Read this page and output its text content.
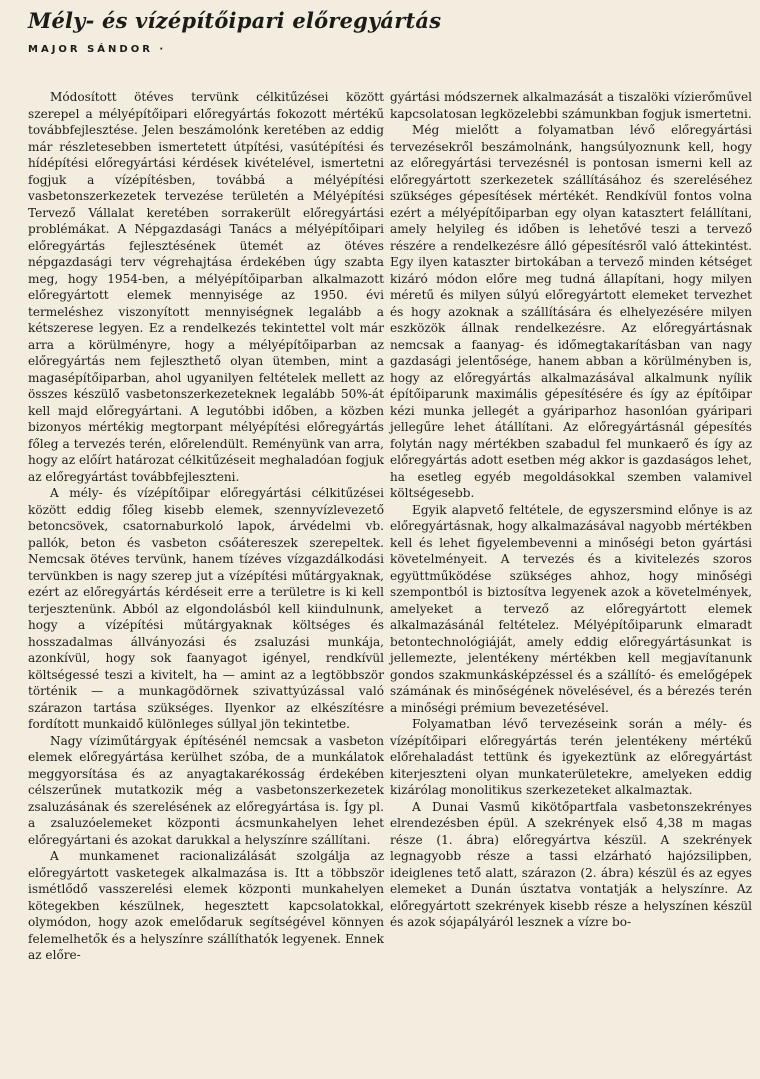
Mély- és vízépítőipari előregyártás
MAJOR SÁNDOR ·

Módosított ötéves tervünk célkitűzései között szerepel a mélyépítőipari előregyártás fokozott mértékű továbbfejlesztése. Jelen beszámolónk keretében az eddig már részletesebben ismertetett útpítési, vasútépítési és hídépítési előregyártási kérdések kivételével, ismertetni fogjuk a vízépítésben, továbbá a mélyépítési vasbetonszerkezetek tervezése területén a Mélyépítési Tervező Vállalat keretében sorrakerült előregyártási problémákat. A Népgazdasági Tanács a mélyépítőipari előregyártás fejlesztésének ütemét az ötéves népgazdasági terv végrehajtása érdekében úgy szabta meg, hogy 1954-ben, a mélyépítőiparban alkalmazott előregyártott elemek mennyisége az 1950. évi termeléshez viszonyított mennyiségnek legalább a kétszerese legyen. Ez a rendelkezés tekintettel volt már arra a körülményre, hogy a mélyépítőiparban az előregyártás nem fejleszthető olyan ütemben, mint a magasépítőiparban, ahol ugyanilyen feltételek mellett az összes készülő vasbetonszerkezeteknek legalább 50%-át kell majd előregyártani. A legutóbbi időben, a közben bizonyos mértékig megtorpant mélyépítési előregyártás főleg a tervezés terén, előrelendült. Reményünk van arra, hogy az előírt határozat célkitűzéseit meghaladóan fogjuk az előregyártást továbbfejleszteni.

A mély- és vízépítőipar előregyártási célkitűzései között eddig főleg kisebb elemek, szennyvízlevezető betoncsövek, csatornaburkoló lapok, árvédelmi vb. pallók, beton és vasbeton csőátereszek szerepeltek. Nemcsak ötéves tervünk, hanem tízéves vízgazdálkodási tervünkben is nagy szerep jut a vízépítési műtárgyaknak, ezért az előregyártás kérdéseit erre a területre is ki kell terjesztenünk. Abból az elgondolásból kell kiindulnunk, hogy a vízépítési műtárgyaknak költséges és hosszadalmas állványozási és zsaluzási munkája, azonkívül, hogy sok faanyagot igényel, rendkívül költségessé teszi a kivitelt, ha — amint az a legtöbbször történik — a munkagödörnek szivattyúzással való szárazon tartása szükséges. Ilyenkor az elkészítésre fordított munkaidő különleges súllyal jön tekintetbe.

Nagy víziműtárgyak építésénél nemcsak a vasbeton elemek előregyártása kerülhet szóba, de a munkálatok meggyorsítása és az anyagtakarékosság érdekében célszerűnek mutatkozik még a vasbetonszerkezetek zsaluzásának és szerelésének az előregyártása is. Így pl. a zsaluzóelemeket központi ácsmunkahelyen lehet előregyártani és azokat darukkal a helyszínre szállítani.

A munkamenet racionalizálását szolgálja az előregyártott vasketegek alkalmazása is. Itt a többször ismétlődő vasszerelési elemek központi munkahelyen kötegekben készülnek, hegesztett kapcsolatokkal, olymódon, hogy azok emelődaruk segítségével könnyen felemelhetők és a helyszínre szállíthatók legyenek. Ennek az előre-

gyártási módszernek alkalmazását a tiszalöki vízierőművel kapcsolatosan legközelebbi számunkban fogjuk ismertetni.

Még mielőtt a folyamatban lévő előregyártási tervezésekről beszámolnánk, hangsúlyoznunk kell, hogy az előregyártási tervezésnél is pontosan ismerni kell az előregyártott szerkezetek szállításához és szereléséhez szükséges gépesítések mértékét. Rendkívül fontos volna ezért a mélyépítőiparban egy olyan katasztert felállítani, amely helyileg és időben is lehetővé teszi a tervező részére a rendelkezésre álló gépesítésről való áttekintést. Egy ilyen kataszter birtokában a tervező minden kétséget kizáró módon előre meg tudná állapítani, hogy milyen méretű és milyen súlyú előregyártott elemeket tervezhet és hogy azoknak a szállítására és elhelyezésére milyen eszközök állnak rendelkezésre. Az előregyártásnak nemcsak a faanyag- és időmegtakarításban van nagy gazdasági jelentősége, hanem abban a körülményben is, hogy az előregyártás alkalmazásával alkalmunk nyílik építőiparunk maximális gépesítésére és így az építőipar kézi munka jellegét a gyáriparhoz hasonlóan gyáripari jellegűre lehet átállítani. Az előregyártásnál gépesítés folytán nagy mértékben szabadul fel munkaerő és így az előregyártás adott esetben még akkor is gazdaságos lehet, ha esetleg egyéb megoldásokkal szemben valamivel költségesebb.

Egyik alapvető feltétele, de egyszersmind előnye is az előregyártásnak, hogy alkalmazásával nagyobb mértékben kell és lehet figyelembevenni a minőségi beton gyártási követelményeit. A tervezés és a kivitelezés szoros együttműködése szükséges ahhoz, hogy minőségi szempontból is biztosítva legyenek azok a követelmények, amelyeket a tervező az előregyártott elemek alkalmazásánál feltételez. Mélyépítőiparunk elmaradt betontechnológiáját, amely eddig előregyártásunkat is jellemezte, jelentékeny mértékben kell megjavítanunk gondos szakmunkásképzéssel és a szállító- és emelőgépek számának és minőségének növelésével, és a bérezés terén a minőségi prémium bevezetésével.

Folyamatban lévő tervezéseink során a mély- és vízépítőipari előregyártás terén jelentékeny mértékű előrehaladást tettünk és igyekeztünk az előregyártást kiterjeszteni olyan munkaterületekre, amelyeken eddig kizárólag monolitikus szerkezeteket alkalmaztak.

A Dunai Vasmű kikötőpartfala vasbetonszekrényes elrendezésben épül. A szekrények első 4,38 m magas része (1. ábra) előregyártva készül. A szekrények legnagyobb része a tassi elzárható hajózsilipben, ideiglenes tető alatt, szárazon (2. ábra) készül és az egyes elemeket a Dunán úsztatva vontatják a helyszínre. Az előregyártott szekrények kisebb része a helyszínen készül és azok sójapályáról lesznek a vízre bo-
